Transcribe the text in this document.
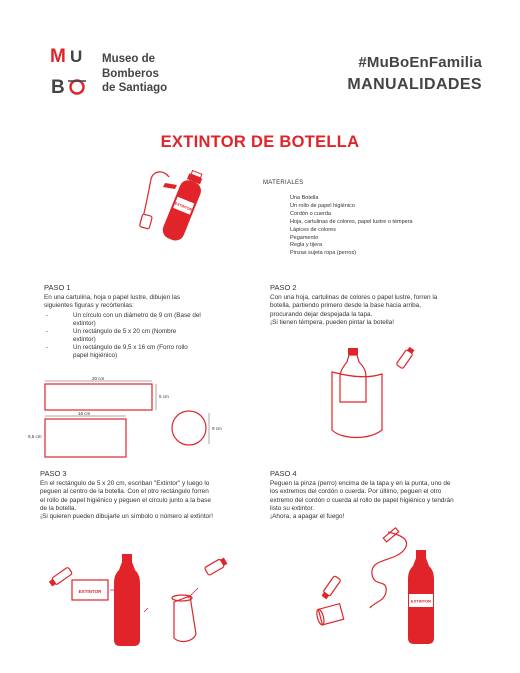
M U
B
Museo de
Bomberos
de Santiago
#MuBoEnFamilia
MANUALIDADES
EXTINTOR DE BOTELLA
EXTINTOR
MATERIALES
Una Botella
Un rollo de papel higiénico
Cordón o cuerda
Hoja, cartulinas de colores, papel lustre o témpera
Lápices de colores
Pegamento
Regla y tijera
Pinzas sujeta ropa (perros)
PASO 1
En una cartulina, hoja o papel lustre, dibujen las
siguientes figuras y recórtenlas:
- Un círculo con un diámetro de 9 cm (Base del
extintor)
- Un rectángulo de 5 x 20 cm (Nombre
extintor)
- Un rectángulo de 9,5 x 16 cm (Forro rollo
papel higiénico)
20 cm
5 cm
16 cm
9,5 cm
9 cm
PASO 2
Con una hoja, cartulinas de colores o papel lustre, forren la
botella, partiendo primero desde la base hacia arriba,
procurando dejar despejada la tapa.
¡Si tienen témpera, pueden pintar la botella!
PASO 3
En el rectángulo de 5 x 20 cm, escriban "Extintor" y luego lo
peguen al centro de la botella. Con el otro rectángulo forren
el rollo de papel higiénico y peguen el círculo junto a la base
de la botella.
¡Si quieren pueden dibujarle un símbolo o número al extintor!
EXTINTOR
PASO 4
Peguen la pinza (perro) encima de la tapa y en la punta, uno de
los extremos del cordón o cuerda. Por último, peguen el otro
extremo del cordón o cuerda al rollo de papel higiénico y tendrán
listo su extintor.
¡Ahora, a apagar el fuego!
EXTINTOR
